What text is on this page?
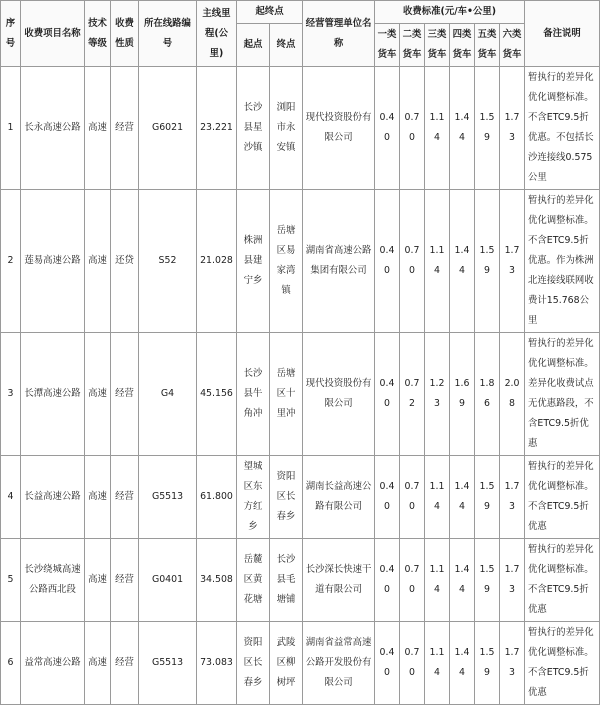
序号	收费项目名称	技术等级	收费性质	所在线路编号	主线里程(公里)	起终点		经营管理单位名称	收费标准(元/车•公里)						备注说明
						起点	终点		一类货车	二类货车	三类货车	四类货车	五类货车	六类货车	

1	长永高速公路	高速	经营	G6021	23.221	长沙县星沙镇	浏阳市永安镇	现代投资股份有限公司	0.40	0.70	1.14	1.44	1.59	1.73	暂执行的差异化优化调整标准。不含ETC9.5折优惠。不包括长沙连接线0.575公里
2	莲易高速公路	高速	还贷	S52	21.028	株洲县建宁乡	岳塘区易家湾镇	湖南省高速公路集团有限公司	0.40	0.70	1.14	1.44	1.59	1.73	暂执行的差异化优化调整标准。不含ETC9.5折优惠。作为株洲北连接线联网收费计15.768公里
3	长潭高速公路	高速	经营	G4	45.156	长沙县牛角冲	岳塘区十里冲	现代投资股份有限公司	0.40	0.72	1.23	1.69	1.86	2.08	暂执行的差异化优化调整标准。差异化收费试点无优惠路段，不含ETC9.5折优惠
4	长益高速公路	高速	经营	G5513	61.800	望城区东方红乡	资阳区长春乡	湖南长益高速公路有限公司	0.40	0.70	1.14	1.44	1.59	1.73	暂执行的差异化优化调整标准。不含ETC9.5折优惠
5	长沙绕城高速公路西北段	高速	经营	G0401	34.508	岳麓区黄花塘	长沙县毛塘铺	长沙深长快速干道有限公司	0.40	0.70	1.14	1.44	1.59	1.73	暂执行的差异化优化调整标准。不含ETC9.5折优惠
6	益常高速公路	高速	经营	G5513	73.083	资阳区长春乡	武陵区柳树坪	湖南省益常高速公路开发股份有限公司	0.40	0.70	1.14	1.44	1.59	1.73	暂执行的差异化优化调整标准。不含ETC9.5折优惠
